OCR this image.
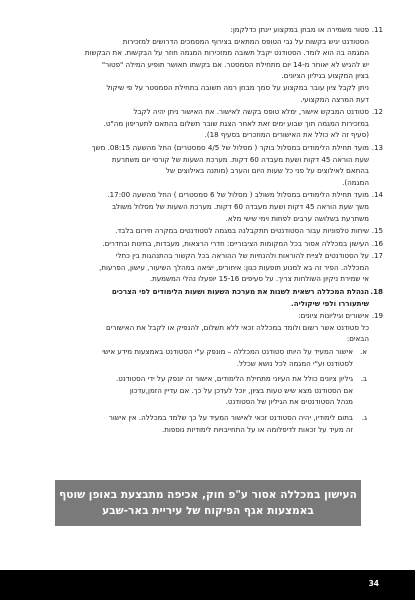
.11
פטור משמירה או מבחן במקצוע יינתן כדלקמן:
הסטודנט יגיש בקשות על גבי הטופס המתאים בצירוף המסמכים הדרושים למזכירות
המגמה בה הוא לומד. הסטודנט יקבל תשובה ממזכירות המגמה חוזר על הבקשות. את הבקשות
יש להגיש לא יאוחר מ-14 יום מתחילת הסמסטר. אם בקשתו תאושר תופיע המילה "פטור"
בציון המקצוע בגיליון הציונים.
ניתן לקבל ציון עובר במקצוע על סמך מבחן רמה תשובה בתחילת הסמסטר על פי שיקול
דעת המרצה המקצועי.
.12
סטודנט המבקש אישור, ימלא טופס בקשה לאישור. את האישור ניתן יהיה לקבל
במזכירות המגמה תוך שבוע ימים זאת לאחר הצגת שובר תשלום בהתאם לתעריפון מה"ט.
(סעיף זה לא כולל את האישורים המוזכרים בסעיף 18).
.13
מועד תחילת הלימודים במסלול בוקר ( מסלול של 4/5 סמסטרים) החל מהשעה 08:15. משך
שעת הוראה 45 דקות ושעת מעבדה 60 דקות. מערכת השעות של קורסי יום משתרעת
בהתאם לאילוצים על פני כל שעות היום והערב (מותנה באילוצים של
המגמה).
.14
מועד תחילת הלימודים במסלול משולב ( מסלול של 6 סמסטרים ) החל מהשעה 17:00.
משך שעת הוראה 45 דקות ושעת מעבדה 60 דקות. מערכת השעות של מסלול משולב
משתרעת בשלושה ערבים לפחות וימי שישי מלא.
.15
שיחות טלפוניות עבור הסטודנטים תתקבלנה במגמה לסטודנטים במקרה חירום בלבד.
.16
העישון במכללה אסור בכל המקומות הציבוריים: חדרי הרצאות, מעבדות, בחינות ובחדרים.
.17
על הסטודנטים לציית להוראות ולהנחיות של ההוראה בכל הקשור בהתנהגות בין כתלי
המכללה. הפיר זה בא למנוע תופעות כגון: איחורים, יציאה במהלך השיעור, עישון, הפרעות,
אי שמירת ניקיון השולחות צריך. על סעיפים 15-16 יופעלו נהלי המשמעת.
.18
הנהלת המכללה רשאית לשנות את מערכת השעות ושעות הלימודים לפי הצרכים
שיתעוררו ולפי שיקוליה.
.19
אישורים וגיליונות ציונים:
כל סטודנט אשר רשום ולומד במכללה זכאי ללא תשלום, להנפיק או לקבל את האישורים
הבאים:
א.
אישור המעיד על היותו סטודנט המכללה – מונפק ע"י הסטודנט באמצעות מידע אישי
לסטודנט וע"י המגמה לכל נושא שכלל.
ב.
גיליון ציונים כולל את העיוני מתחילת הלימודים, אישור זה יונפק על ידי הסטודנט.
אם הסטודנט מצא שיש טעות בציון, יוכל לעדכן על כך. אם עדיין הזמן,עדכון
מנהל הסטודנטים את הגיליון של הסטודנט.
ג.
בתום לימודיו, יהיה הסטודנט זכאי לאישור המעיד על כך שלמד במכללה. אין אישור
זה מעיד על זכאות לדיפלומה או על התחייבויות לימודיות נוספות.
העישון במכללה אסור ע"פ חוק, אכיפה מתבצעת באופן שוטף
באמצעות אגף הפיקוח של עיריית באר-שבע
34
